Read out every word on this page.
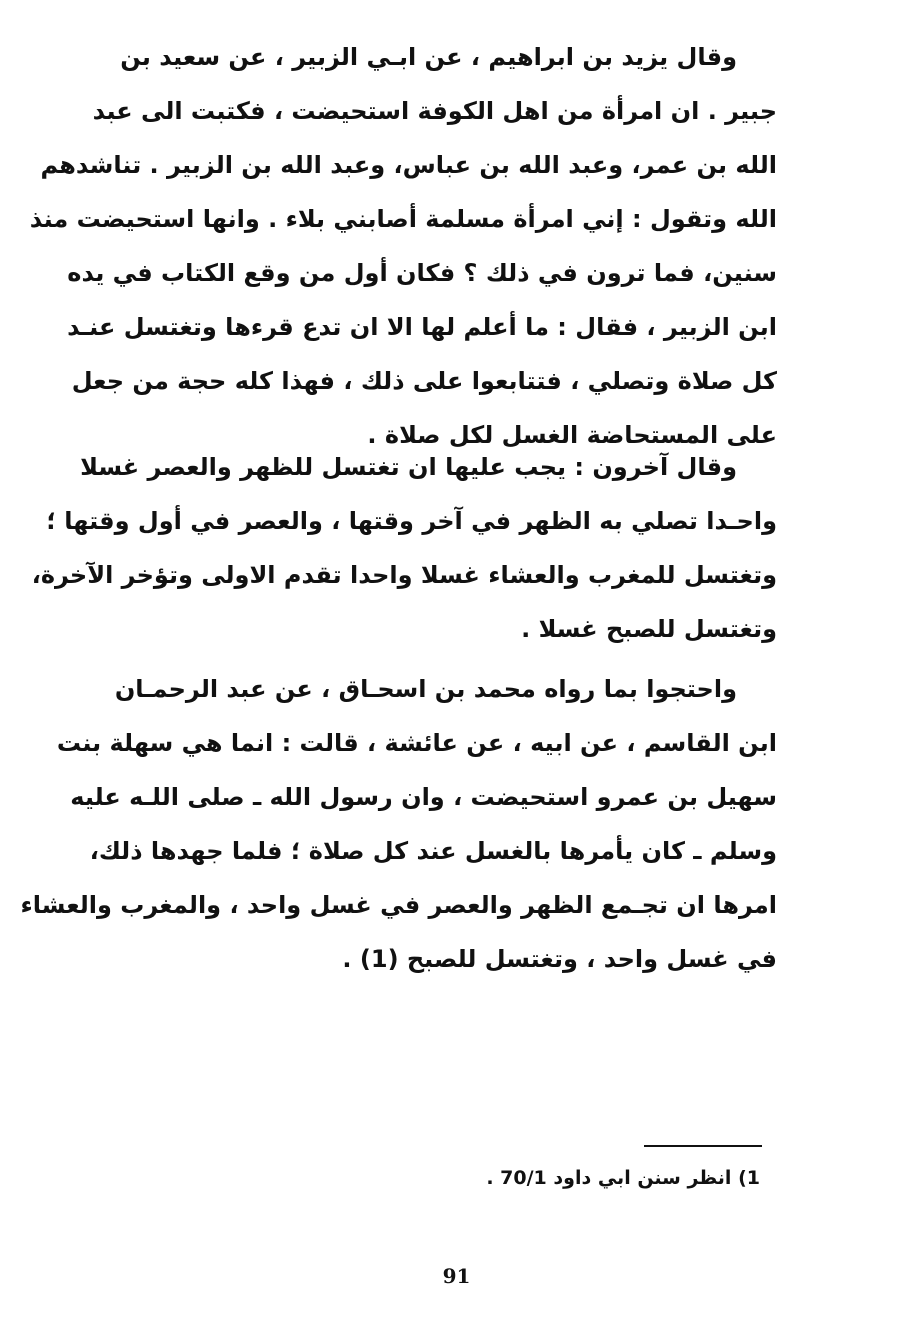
وقال يزيد بن ابراهيم ، عن ابـي الزبير ، عن سعيد بن
جبير . ان امرأة من اهل الكوفة استحيضت ، فكتبت الى عبد
الله بن عمر، وعبد الله بن عباس، وعبد الله بن الزبير . تناشدهم
الله وتقول : إني امرأة مسلمة أصابني بلاء . وانها استحيضت منذ
سنين، فما ترون في ذلك ؟ فكان أول من وقع الكتاب في يده
ابن الزبير ، فقال : ما أعلم لها الا ان تدع قرءها وتغتسل عنـد
كل صلاة وتصلي ، فتتابعوا على ذلك ، فهذا كله حجة من جعل
على المستحاضة الغسل لكل صلاة .
وقال آخرون : يجب عليها ان تغتسل للظهر والعصر غسلا
واحـدا تصلي به الظهر في آخر وقتها ، والعصر في أول وقتها ؛
وتغتسل للمغرب والعشاء غسلا واحدا تقدم الاولى وتؤخر الآخرة،
وتغتسل للصبح غسلا .
واحتجوا بما رواه محمد بن اسحـاق ، عن عبد الرحمـان
ابن القاسم ، عن ابيه ، عن عائشة ، قالت : انما هي سهلة بنت
سهيل بن عمرو استحيضت ، وان رسول الله ـ صلى اللـه عليه
وسلم ـ كان يأمرها بالغسل عند كل صلاة ؛ فلما جهدها ذلك،
امرها ان تجـمع الظهر والعصر في غسل واحد ، والمغرب والعشاء
في غسل واحد ، وتغتسل للصبح (1) .
1) انظر سنن ابي داود 70/1 .
91
